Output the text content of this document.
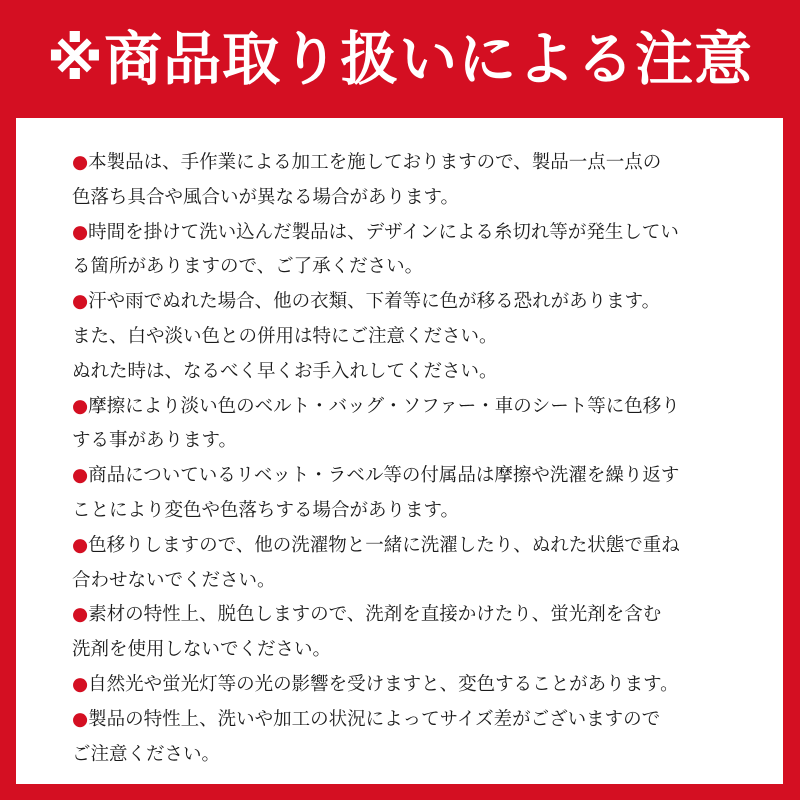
※商品取り扱いによる注意
●本製品は、手作業による加工を施しておりますので、製品一点一点の
色落ち具合や風合いが異なる場合があります。
●時間を掛けて洗い込んだ製品は、デザインによる糸切れ等が発生してい
る箇所がありますので、ご了承ください。
●汗や雨でぬれた場合、他の衣類、下着等に色が移る恐れがあります。
また、白や淡い色との併用は特にご注意ください。
ぬれた時は、なるべく早くお手入れしてください。
●摩擦により淡い色のベルト・バッグ・ソファー・車のシート等に色移り
する事があります。
●商品についているリベット・ラベル等の付属品は摩擦や洗濯を繰り返す
ことにより変色や色落ちする場合があります。
●色移りしますので、他の洗濯物と一緒に洗濯したり、ぬれた状態で重ね
合わせないでください。
●素材の特性上、脱色しますので、洗剤を直接かけたり、蛍光剤を含む
洗剤を使用しないでください。
●自然光や蛍光灯等の光の影響を受けますと、変色することがあります。
●製品の特性上、洗いや加工の状況によってサイズ差がございますので
ご注意ください。
